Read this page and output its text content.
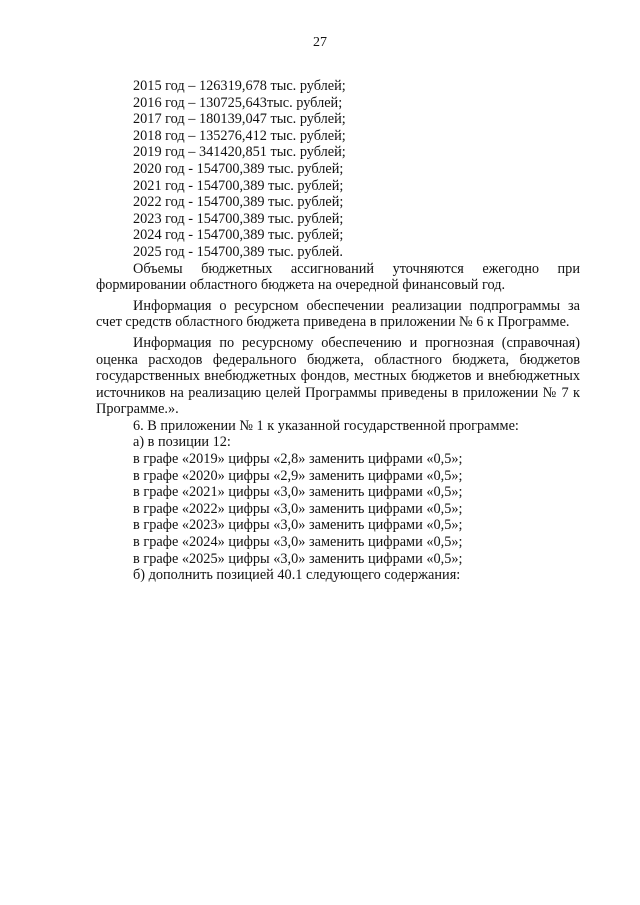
27

2015 год – 126319,678 тыс. рублей;

2016 год – 130725,643тыс. рублей;

2017 год – 180139,047 тыс. рублей;

2018 год – 135276,412 тыс. рублей;

2019 год – 341420,851 тыс. рублей;

2020 год - 154700,389 тыс. рублей;

2021 год - 154700,389 тыс. рублей;

2022 год - 154700,389 тыс. рублей;

2023 год - 154700,389 тыс. рублей;

2024 год - 154700,389 тыс. рублей;

2025 год - 154700,389 тыс. рублей.

Объемы бюджетных ассигнований уточняются ежегодно при формировании областного бюджета на очередной финансовый год.

Информация о ресурсном обеспечении реализации подпрограммы за счет средств областного бюджета приведена в приложении № 6 к Программе.

Информация по ресурсному обеспечению и прогнозная (справочная) оценка расходов федерального бюджета, областного бюджета, бюджетов государственных внебюджетных фондов, местных бюджетов и внебюджетных источников на реализацию целей Программы приведены в приложении № 7 к Программе.».

6. В приложении № 1 к указанной государственной программе:

а) в позиции 12:

в графе «2019» цифры «2,8» заменить цифрами «0,5»;

в графе «2020» цифры «2,9» заменить цифрами «0,5»;

в графе «2021» цифры «3,0» заменить цифрами «0,5»;

в графе «2022» цифры «3,0» заменить цифрами «0,5»;

в графе «2023» цифры «3,0» заменить цифрами «0,5»;

в графе «2024» цифры «3,0» заменить цифрами «0,5»;

в графе «2025» цифры «3,0» заменить цифрами «0,5»;

б) дополнить позицией 40.1 следующего содержания:
